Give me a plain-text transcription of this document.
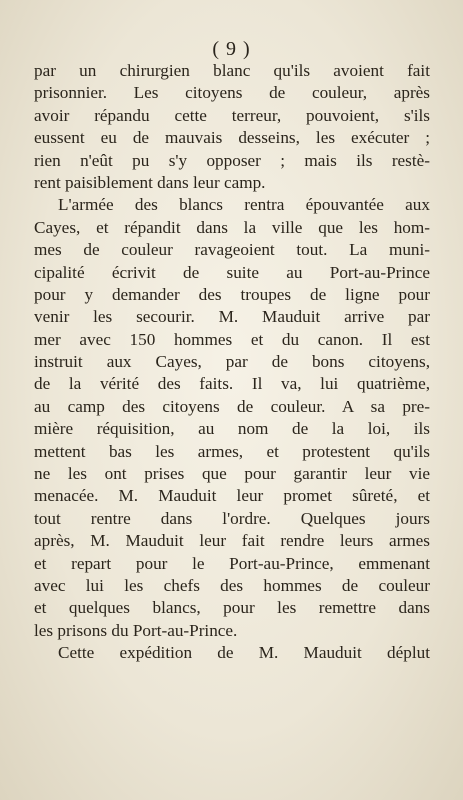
( 9 )
par un chirurgien blanc qu'ils avoient fait
prisonnier. Les citoyens de couleur, après
avoir répandu cette terreur, pouvoient, s'ils
eussent eu de mauvais desseins, les exécuter ;
rien n'eût pu s'y opposer ; mais ils restè-
rent paisiblement dans leur camp.
L'armée des blancs rentra épouvantée aux
Cayes, et répandit dans la ville que les hom-
mes de couleur ravageoient tout. La muni-
cipalité écrivit de suite au Port-au-Prince
pour y demander des troupes de ligne pour
venir les secourir. M. Mauduit arrive par
mer avec 150 hommes et du canon. Il est
instruit aux Cayes, par de bons citoyens,
de la vérité des faits. Il va, lui quatrième,
au camp des citoyens de couleur. A sa pre-
mière réquisition, au nom de la loi, ils
mettent bas les armes, et protestent qu'ils
ne les ont prises que pour garantir leur vie
menacée. M. Mauduit leur promet sûreté, et
tout rentre dans l'ordre. Quelques jours
après, M. Mauduit leur fait rendre leurs armes
et repart pour le Port-au-Prince, emmenant
avec lui les chefs des hommes de couleur
et quelques blancs, pour les remettre dans
les prisons du Port-au-Prince.
Cette expédition de M. Mauduit déplut
